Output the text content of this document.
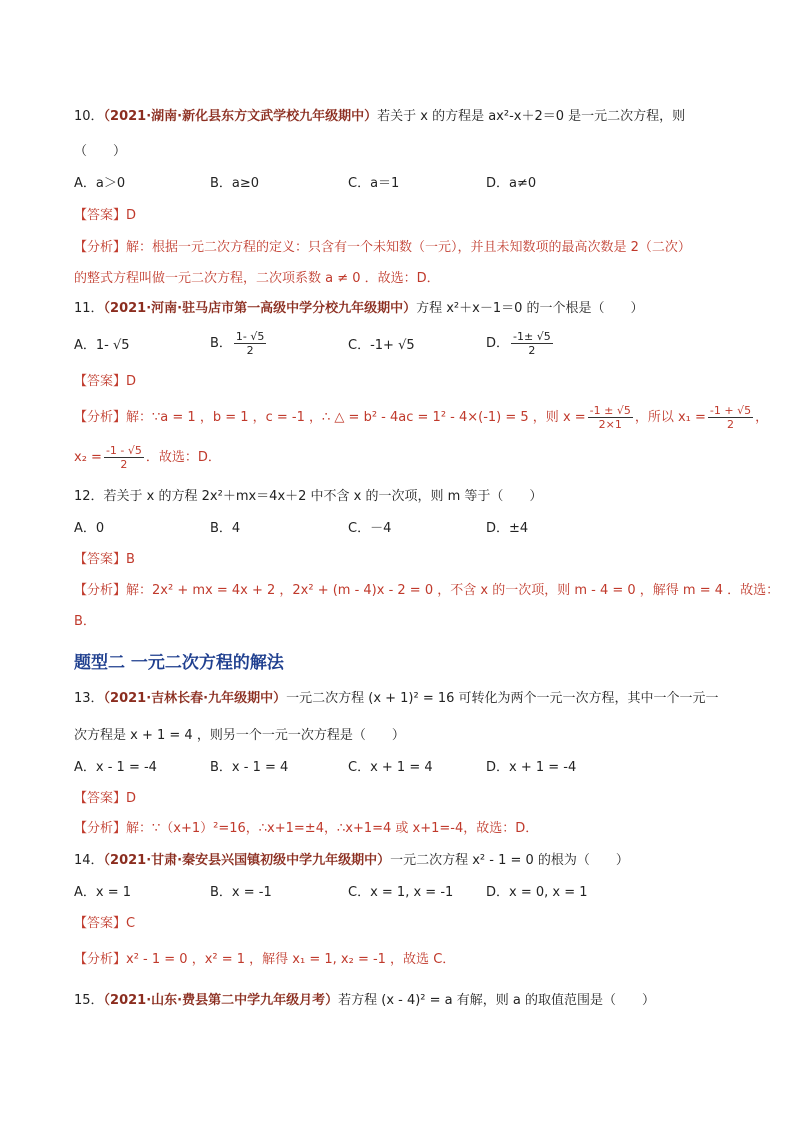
10．（2021·湖南·新化县东方文武学校九年级期中）若关于 x 的方程是 ax²-x＋2＝0 是一元二次方程，则
（　　）
A．a＞0	B．a≥0	C．a＝1	D．a≠0
【答案】D
【分析】解：根据一元二次方程的定义：只含有一个未知数（一元），并且未知数项的最高次数是 2（二次）
的整式方程叫做一元二次方程，二次项系数 a ≠ 0 ．故选：D．
11．（2021·河南·驻马店市第一高级中学分校九年级期中）方程 x²＋x－1＝0 的一个根是（　　）
A．1- √5	B． $\frac{1- √5}{2}$	C．-1+ √5	D． $\frac{-1\pm √5}{2}$
【答案】D
【分析】解：∵a = 1 ，b = 1 ，c = -1 ，∴ △ = b² - 4ac = 1² - 4×(-1) = 5 ，则 $x = \frac{-1 \pm √5}{2\times 1}$ ，所以 $x_1 = \frac{-1 + √5}{2}$ ，
$x_2 = \frac{-1 - √5}{2}$ ．故选：D．
12．若关于 x 的方程 2x²＋mx＝4x＋2 中不含 x 的一次项，则 m 等于（　　）
A．0	B．4	C．－4	D．±4
【答案】B
【分析】解：2x² + mx = 4x + 2 ，2x² + (m - 4)x - 2 = 0 ，不含 x 的一次项，则 m - 4 = 0 ，解得 m = 4 ．故选：
B．
题型二 一元二次方程的解法
13．（2021·吉林长春·九年级期中）一元二次方程 (x + 1)² = 16 可转化为两个一元一次方程，其中一个一元一
次方程是 x + 1 = 4 ，则另一个一元一次方程是（　　）
A．x - 1 = -4	B．x - 1 = 4	C．x + 1 = 4	D．x + 1 = -4
【答案】D
【分析】解：∵（x+1）²=16，∴x+1=±4，∴x+1=4 或 x+1=-4，故选：D．
14．（2021·甘肃·秦安县兴国镇初级中学九年级期中）一元二次方程 x² - 1 = 0 的根为（　　）
A．x = 1	B．x = -1	C．x = 1, x = -1	D．x = 0, x = 1
【答案】C
【分析】x² - 1 = 0 ，x² = 1 ，解得 x₁ = 1, x₂ = -1 ，故选 C．
15．（2021·山东·费县第二中学九年级月考）若方程 (x - 4)² = a 有解，则 a 的取值范围是（　　）
